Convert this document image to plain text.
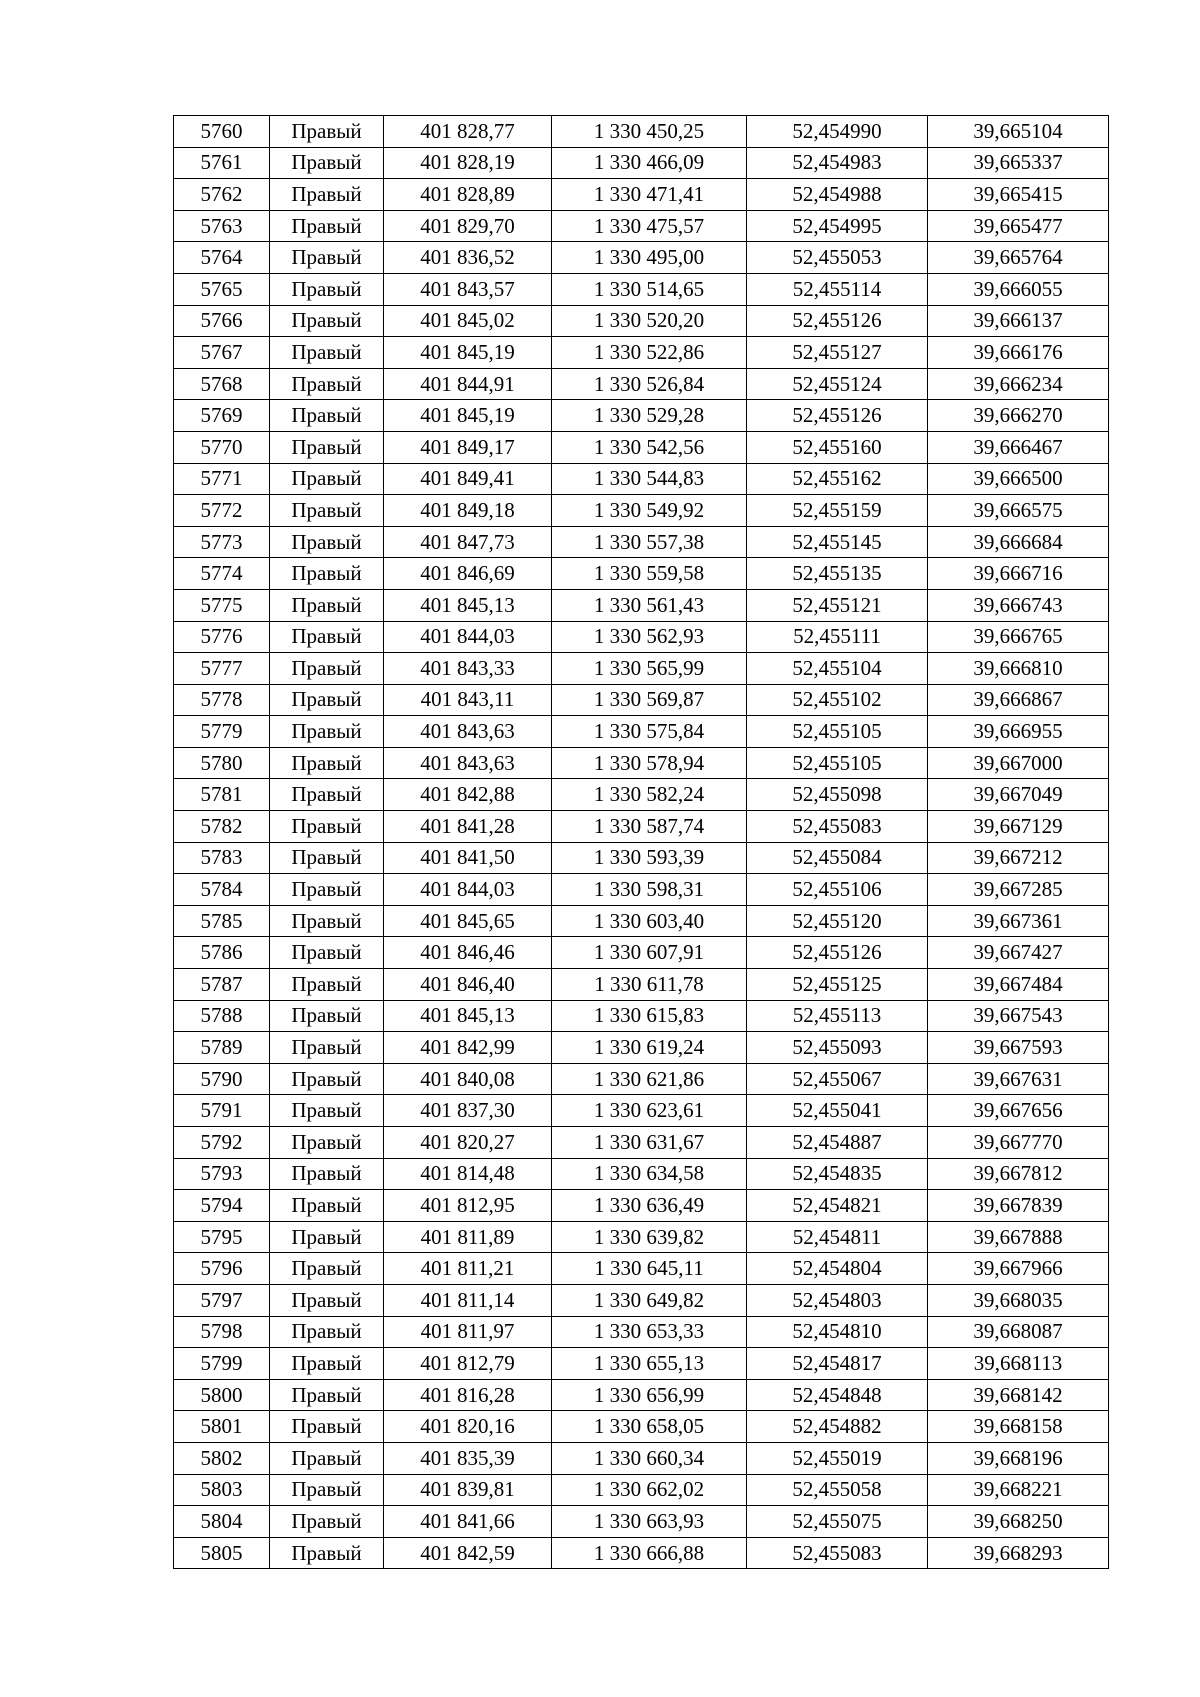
5760	Правый	401 828,77	1 330 450,25	52,454990	39,665104
5761	Правый	401 828,19	1 330 466,09	52,454983	39,665337
5762	Правый	401 828,89	1 330 471,41	52,454988	39,665415
5763	Правый	401 829,70	1 330 475,57	52,454995	39,665477
5764	Правый	401 836,52	1 330 495,00	52,455053	39,665764
5765	Правый	401 843,57	1 330 514,65	52,455114	39,666055
5766	Правый	401 845,02	1 330 520,20	52,455126	39,666137
5767	Правый	401 845,19	1 330 522,86	52,455127	39,666176
5768	Правый	401 844,91	1 330 526,84	52,455124	39,666234
5769	Правый	401 845,19	1 330 529,28	52,455126	39,666270
5770	Правый	401 849,17	1 330 542,56	52,455160	39,666467
5771	Правый	401 849,41	1 330 544,83	52,455162	39,666500
5772	Правый	401 849,18	1 330 549,92	52,455159	39,666575
5773	Правый	401 847,73	1 330 557,38	52,455145	39,666684
5774	Правый	401 846,69	1 330 559,58	52,455135	39,666716
5775	Правый	401 845,13	1 330 561,43	52,455121	39,666743
5776	Правый	401 844,03	1 330 562,93	52,455111	39,666765
5777	Правый	401 843,33	1 330 565,99	52,455104	39,666810
5778	Правый	401 843,11	1 330 569,87	52,455102	39,666867
5779	Правый	401 843,63	1 330 575,84	52,455105	39,666955
5780	Правый	401 843,63	1 330 578,94	52,455105	39,667000
5781	Правый	401 842,88	1 330 582,24	52,455098	39,667049
5782	Правый	401 841,28	1 330 587,74	52,455083	39,667129
5783	Правый	401 841,50	1 330 593,39	52,455084	39,667212
5784	Правый	401 844,03	1 330 598,31	52,455106	39,667285
5785	Правый	401 845,65	1 330 603,40	52,455120	39,667361
5786	Правый	401 846,46	1 330 607,91	52,455126	39,667427
5787	Правый	401 846,40	1 330 611,78	52,455125	39,667484
5788	Правый	401 845,13	1 330 615,83	52,455113	39,667543
5789	Правый	401 842,99	1 330 619,24	52,455093	39,667593
5790	Правый	401 840,08	1 330 621,86	52,455067	39,667631
5791	Правый	401 837,30	1 330 623,61	52,455041	39,667656
5792	Правый	401 820,27	1 330 631,67	52,454887	39,667770
5793	Правый	401 814,48	1 330 634,58	52,454835	39,667812
5794	Правый	401 812,95	1 330 636,49	52,454821	39,667839
5795	Правый	401 811,89	1 330 639,82	52,454811	39,667888
5796	Правый	401 811,21	1 330 645,11	52,454804	39,667966
5797	Правый	401 811,14	1 330 649,82	52,454803	39,668035
5798	Правый	401 811,97	1 330 653,33	52,454810	39,668087
5799	Правый	401 812,79	1 330 655,13	52,454817	39,668113
5800	Правый	401 816,28	1 330 656,99	52,454848	39,668142
5801	Правый	401 820,16	1 330 658,05	52,454882	39,668158
5802	Правый	401 835,39	1 330 660,34	52,455019	39,668196
5803	Правый	401 839,81	1 330 662,02	52,455058	39,668221
5804	Правый	401 841,66	1 330 663,93	52,455075	39,668250
5805	Правый	401 842,59	1 330 666,88	52,455083	39,668293
